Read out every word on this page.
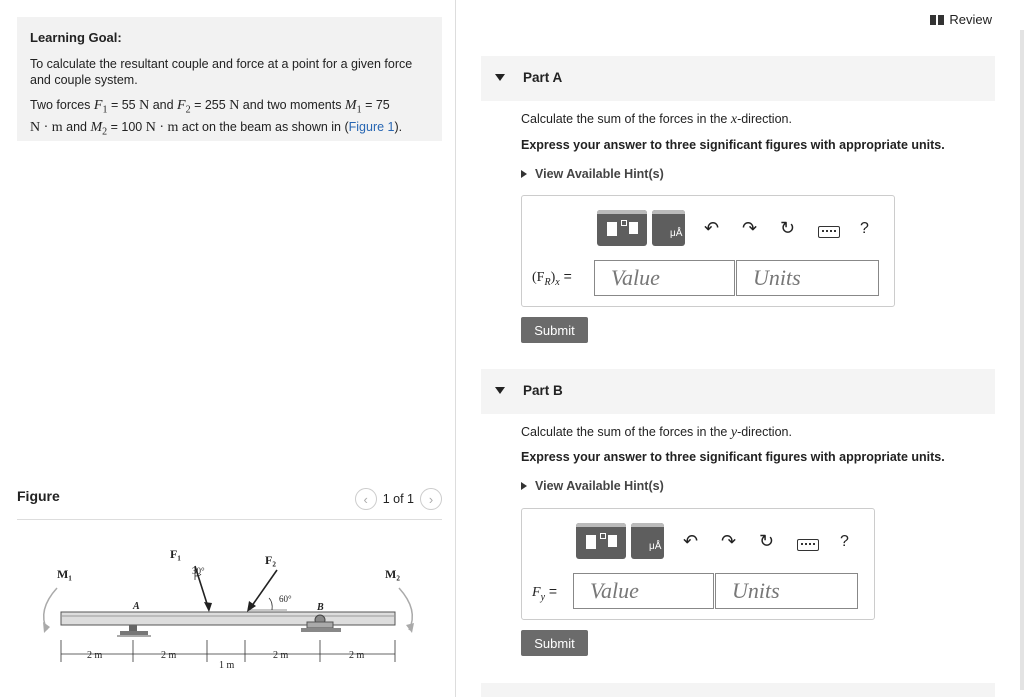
Learning Goal:
To calculate the resultant couple and force at a point for a given force and couple system.
Two forces $F_1 = 55$ N and $F_2 = 255$ N and two moments $M_1 = 75$
N · m and $M_2 = 100$ N · m act on the beam as shown in (Figure 1).
Figure	‹	1 of 1	›
M₁	M₂
F₁	F₂
30°
60°
A	B
2 m	2 m
1 m
2 m	2 m
Review
Part A
Calculate the sum of the forces in the x-direction.
Express your answer to three significant figures with appropriate units.
View Available Hint(s)
μÅ ↶ ↷ ↻	?
$(F_R)_x$ =	Value	Units
Submit
Part B
Calculate the sum of the forces in the y-direction.
Express your answer to three significant figures with appropriate units.
View Available Hint(s)
μÅ ↶ ↷ ↻	?
$F_y$ =	Value	Units
Submit
